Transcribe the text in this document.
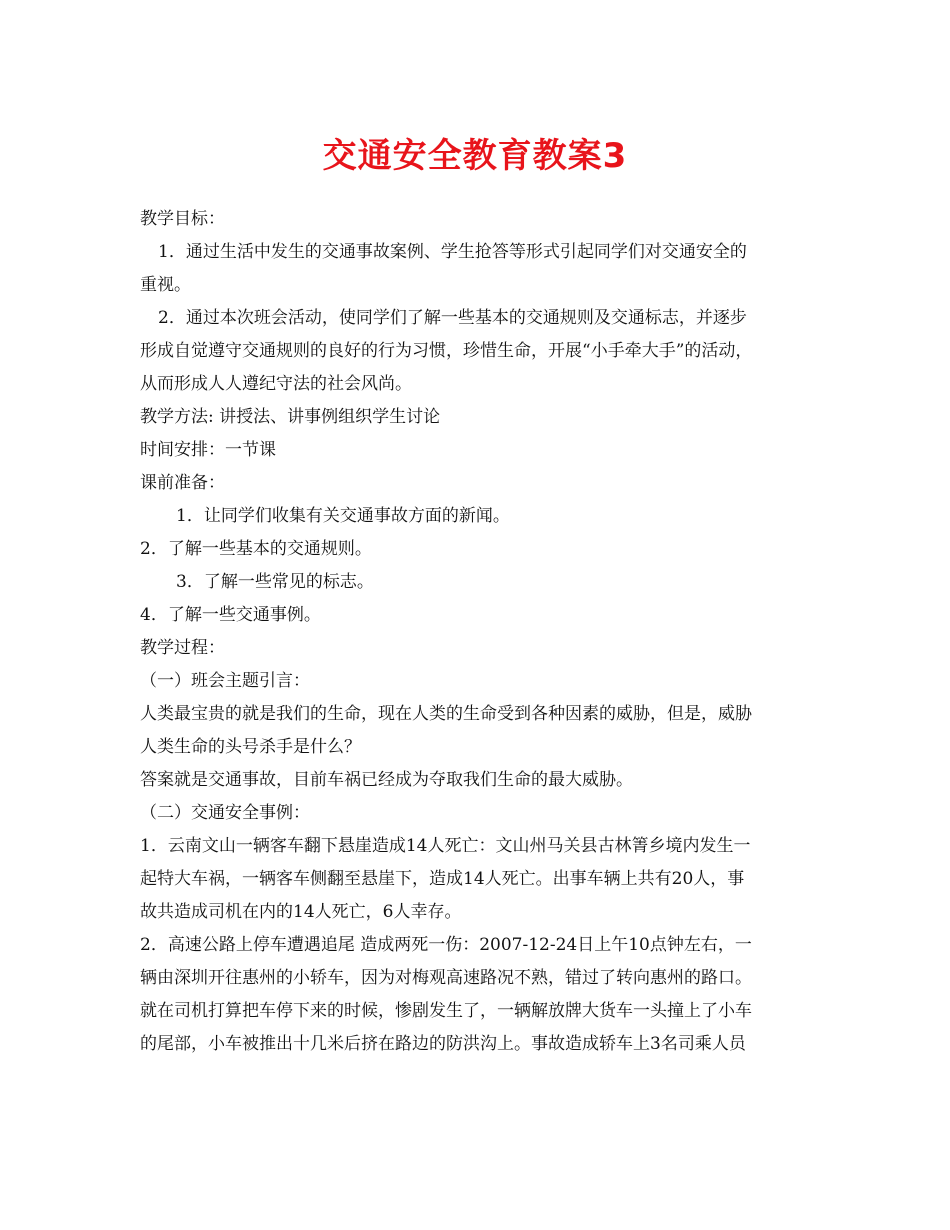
交通安全教育教案3
教学目标：
1．通过生活中发生的交通事故案例、学生抢答等形式引起同学们对交通安全的
重视。
2．通过本次班会活动，使同学们了解一些基本的交通规则及交通标志，并逐步
形成自觉遵守交通规则的良好的行为习惯，珍惜生命，开展“小手牵大手”的活动，
从而形成人人遵纪守法的社会风尚。
教学方法: 讲授法、讲事例组织学生讨论
时间安排：一节课
课前准备：
1．让同学们收集有关交通事故方面的新闻。
2．了解一些基本的交通规则。
3．了解一些常见的标志。
4．了解一些交通事例。
教学过程：
（一）班会主题引言：
人类最宝贵的就是我们的生命，现在人类的生命受到各种因素的威胁，但是，威胁
人类生命的头号杀手是什么？
答案就是交通事故，目前车祸已经成为夺取我们生命的最大威胁。
（二）交通安全事例：
1．云南文山一辆客车翻下悬崖造成14人死亡：文山州马关县古林箐乡境内发生一
起特大车祸，一辆客车侧翻至悬崖下，造成14人死亡。出事车辆上共有20人，事
故共造成司机在内的14人死亡，6人幸存。
2．高速公路上停车遭遇追尾 造成两死一伤：2007-12-24日上午10点钟左右，一
辆由深圳开往惠州的小轿车，因为对梅观高速路况不熟，错过了转向惠州的路口。
就在司机打算把车停下来的时候，惨剧发生了，一辆解放牌大货车一头撞上了小车
的尾部，小车被推出十几米后挤在路边的防洪沟上。事故造成轿车上3名司乘人员
